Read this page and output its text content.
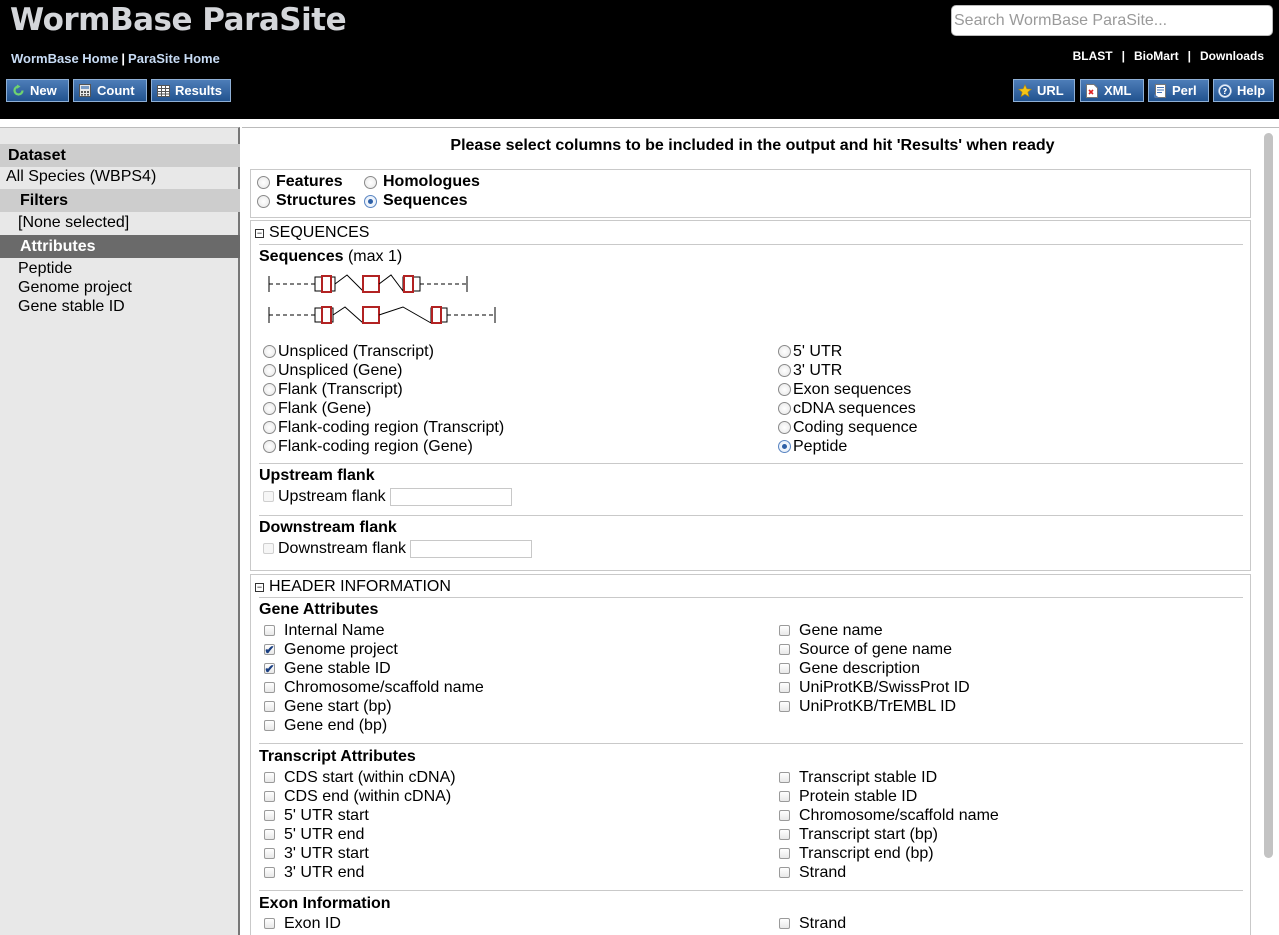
WormBase ParaSite
WormBase Home | ParaSite Home
Search WormBase ParaSite...	BLAST | BioMart | Downloads
New	Count	Results	URL	XML	Perl	? Help
Dataset
All Species (WBPS4)
Filters
[None selected]
Attributes
Peptide
Genome project
Gene stable ID
Please select columns to be included in the output and hit 'Results' when ready
Features	Homologues
Structures Sequences
− SEQUENCES
Sequences (max 1)
Unspliced (Transcript)
Unspliced (Gene)
Flank (Transcript)
Flank (Gene)
Flank-coding region (Transcript)
Flank-coding region (Gene)
5' UTR
3' UTR
Exon sequences
cDNA sequences
Coding sequence
Peptide
Upstream flank
Upstream flank
Downstream flank
Downstream flank
− HEADER INFORMATION
Gene Attributes
Internal Name
✔ Genome project
✔ Gene stable ID
Chromosome/scaffold name
Gene start (bp)
Gene end (bp)
Gene name
Source of gene name
Gene description
UniProtKB/SwissProt ID
UniProtKB/TrEMBL ID
Transcript Attributes
CDS start (within cDNA)
CDS end (within cDNA)
5' UTR start
5' UTR end
3' UTR start
3' UTR end
Transcript stable ID
Protein stable ID
Chromosome/scaffold name
Transcript start (bp)
Transcript end (bp)
Strand
Exon Information
Exon ID	Strand
